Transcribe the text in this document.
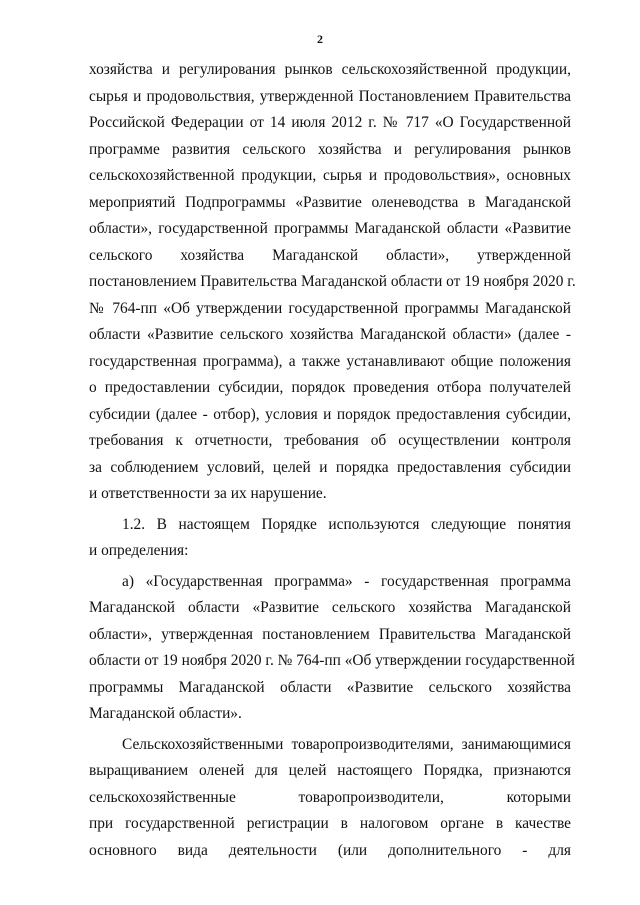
2
хозяйства и регулирования рынков сельскохозяйственной продукции,
сырья и продовольствия, утвержденной Постановлением Правительства
Российской Федерации от 14 июля 2012 г. № 717 «О Государственной
программе развития сельского хозяйства и регулирования рынков
сельскохозяйственной продукции, сырья и продовольствия», основных
мероприятий Подпрограммы «Развитие оленеводства в Магаданской
области», государственной программы Магаданской области «Развитие
сельского хозяйства Магаданской области», утвержденной
постановлением Правительства Магаданской области от 19 ноября 2020 г.
№ 764-пп «Об утверждении государственной программы Магаданской
области «Развитие сельского хозяйства Магаданской области» (далее -
государственная программа), а также устанавливают общие положения
о предоставлении субсидии, порядок проведения отбора получателей
субсидии (далее - отбор), условия и порядок предоставления субсидии,
требования к отчетности, требования об осуществлении контроля
за соблюдением условий, целей и порядка предоставления субсидии
и ответственности за их нарушение.
1.2. В настоящем Порядке используются следующие понятия
и определения:
а) «Государственная программа» - государственная программа
Магаданской области «Развитие сельского хозяйства Магаданской
области», утвержденная постановлением Правительства Магаданской
области от 19 ноября 2020 г. № 764-пп «Об утверждении государственной
программы Магаданской области «Развитие сельского хозяйства
Магаданской области».
Сельскохозяйственными товаропроизводителями, занимающимися
выращиванием оленей для целей настоящего Порядка, признаются
сельскохозяйственные товаропроизводители, которыми
при государственной регистрации в налоговом органе в качестве
основного вида деятельности (или дополнительного - для
